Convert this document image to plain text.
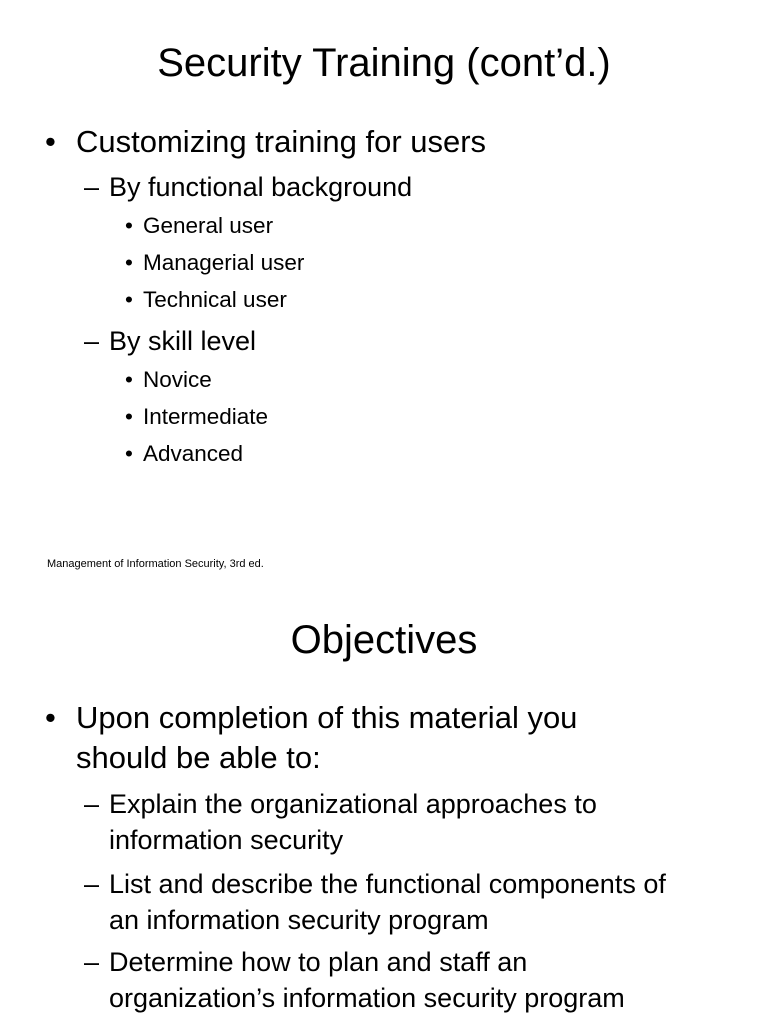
Security Training (cont’d.)

• Customizing training for users

– By functional background

• General user

• Managerial user

• Technical user

– By skill level

• Novice

• Intermediate

• Advanced

Management of Information Security, 3rd ed.
Objectives

• Upon completion of this material you
should be able to:

– Explain the organizational approaches to
information security

– List and describe the functional components of
an information security program

– Determine how to plan and staff an
organization’s information security program
